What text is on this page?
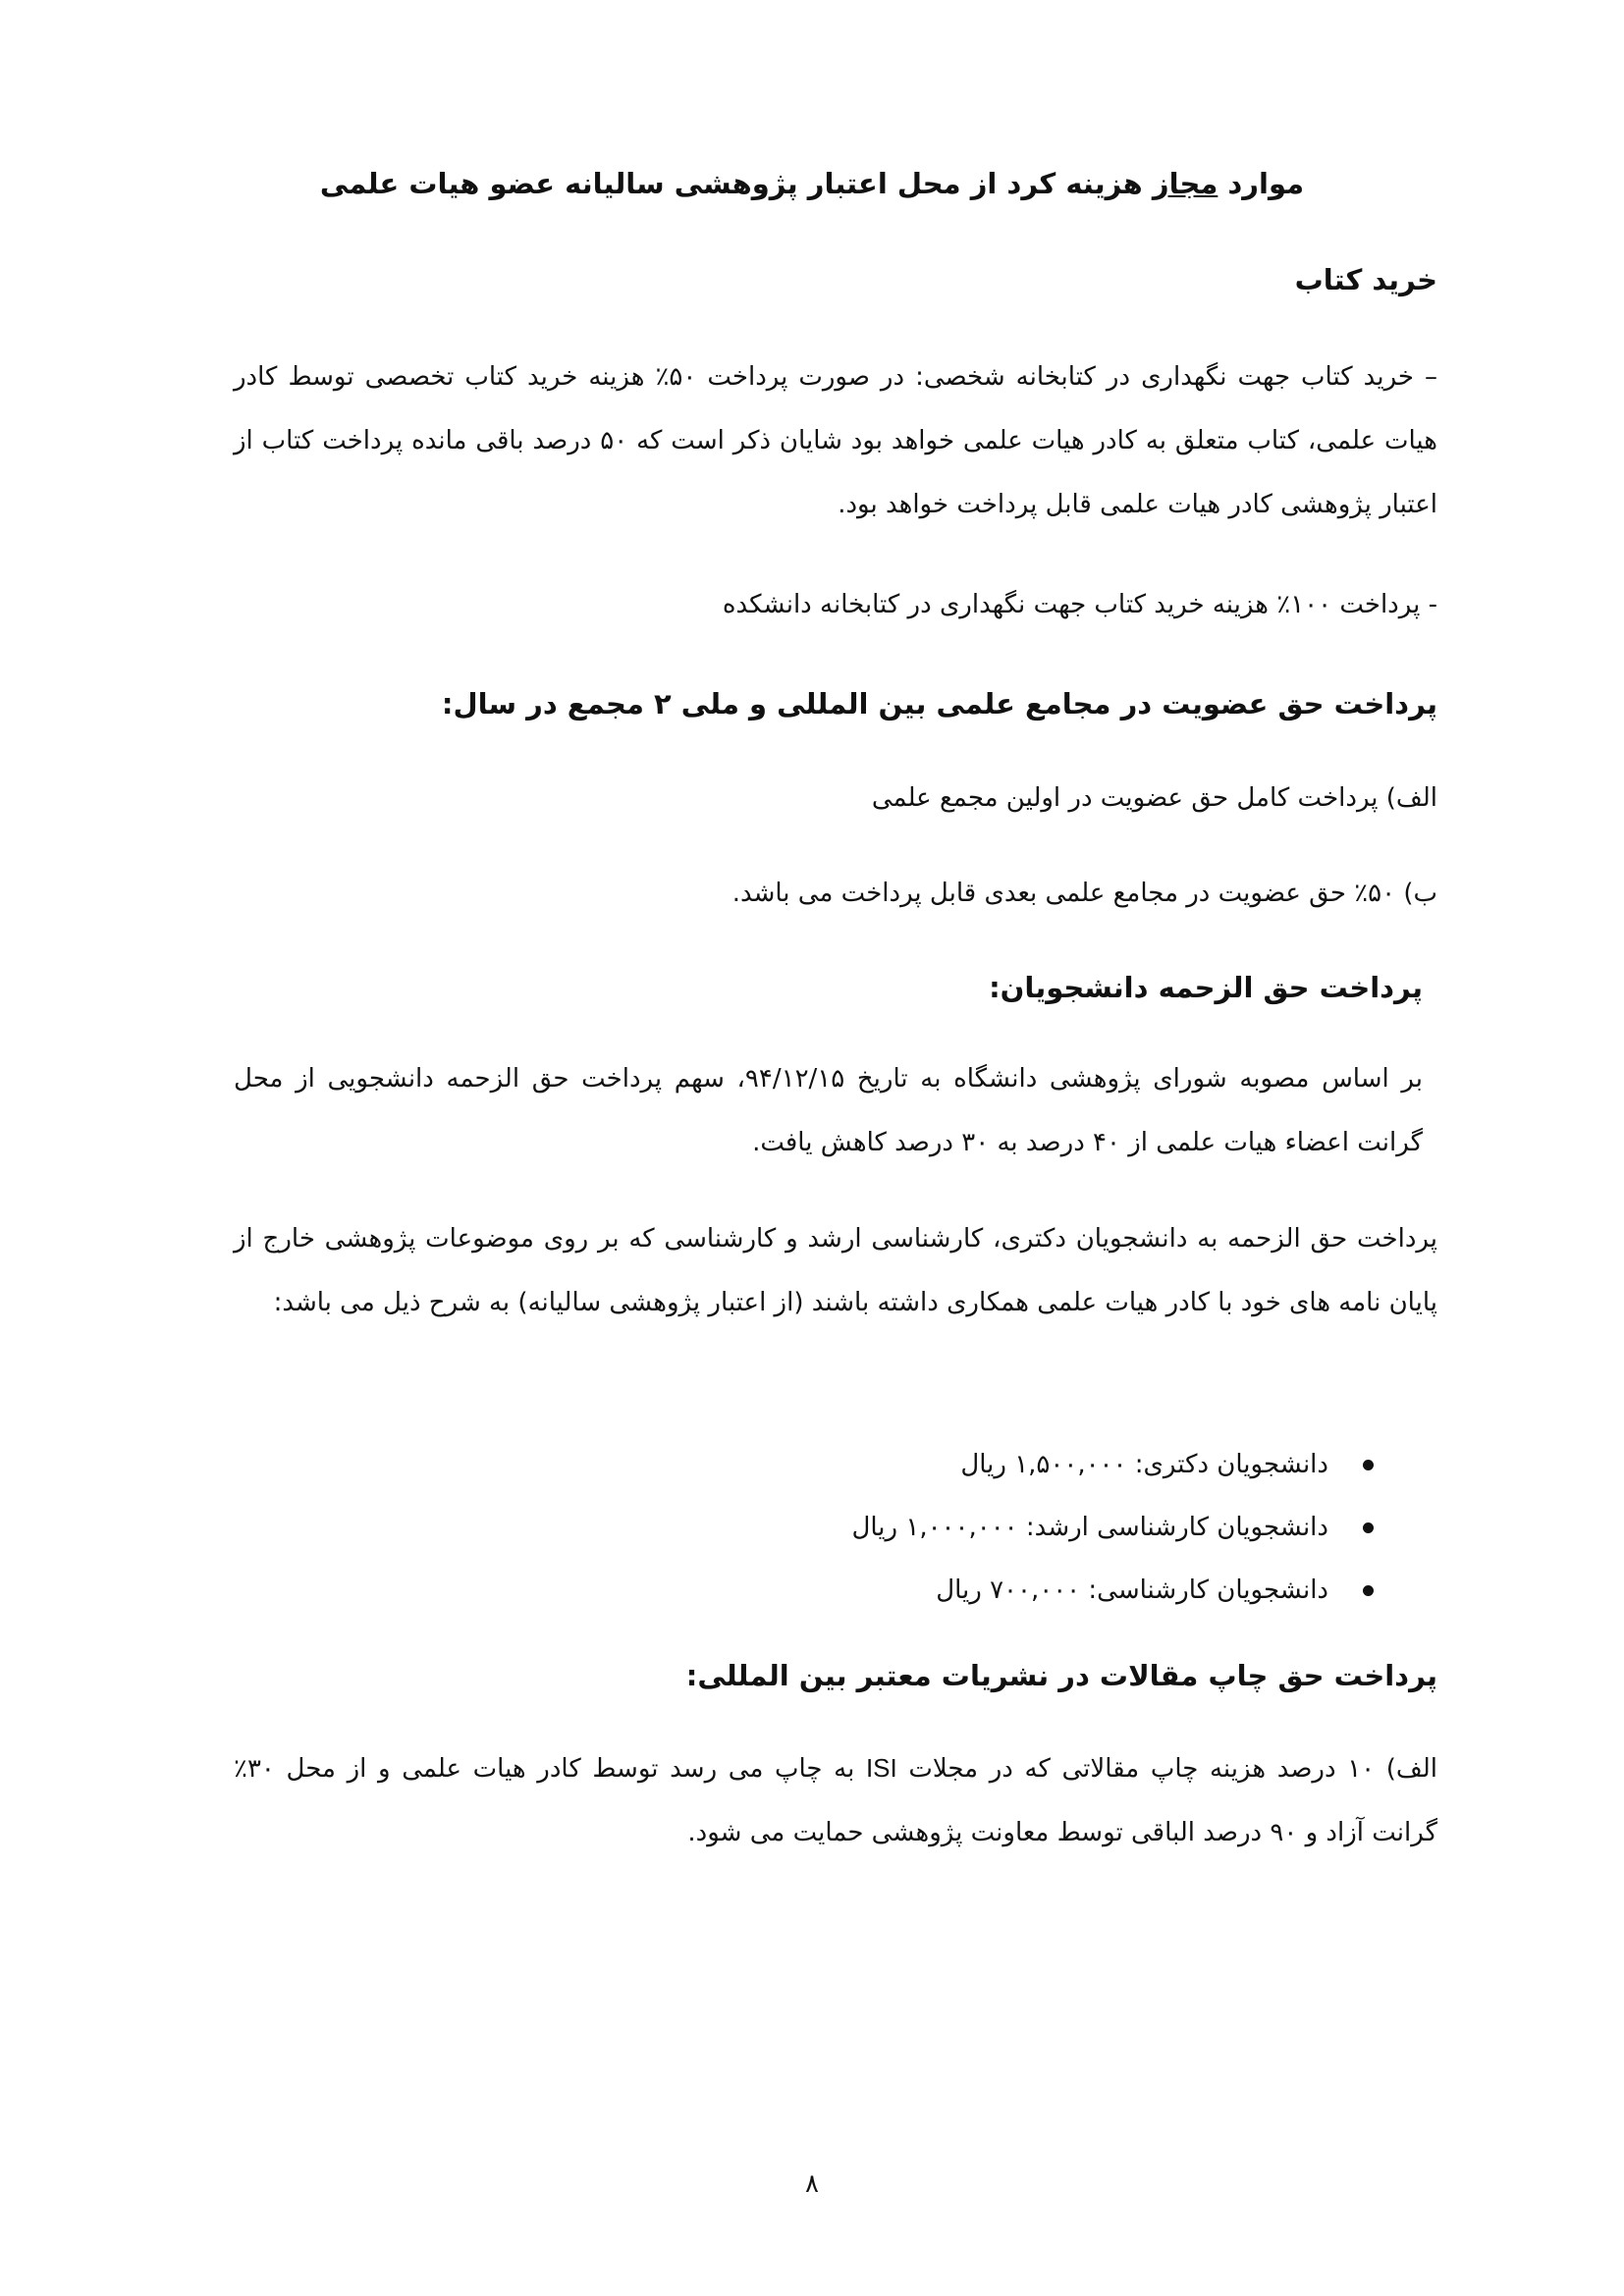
موارد مجاز هزینه کرد از محل اعتبار پژوهشی سالیانه عضو هیات علمی
خرید کتاب

– خرید کتاب جهت نگهداری در کتابخانه شخصی: در صورت پرداخت ۵۰٪ هزینه خرید کتاب تخصصی توسط کادر هیات علمی، کتاب متعلق به کادر هیات علمی خواهد بود شایان ذکر است که ۵۰ درصد باقی مانده پرداخت کتاب از اعتبار پژوهشی کادر هیات علمی قابل پرداخت خواهد بود.

- پرداخت ۱۰۰٪ هزینه خرید کتاب جهت نگهداری در کتابخانه دانشکده

پرداخت حق عضویت در مجامع علمی بین المللی و ملی ۲ مجمع در سال:

الف) پرداخت کامل حق عضویت در اولین مجمع علمی

ب) ۵۰٪ حق عضویت در مجامع علمی بعدی قابل پرداخت می باشد.

پرداخت حق الزحمه دانشجویان:

بر اساس مصوبه شورای پژوهشی دانشگاه به تاریخ ۹۴/۱۲/۱۵، سهم پرداخت حق الزحمه دانشجویی از محل گرانت اعضاء هیات علمی از ۴۰ درصد به ۳۰ درصد کاهش یافت.

پرداخت حق الزحمه به دانشجویان دکتری، کارشناسی ارشد و کارشناسی که بر روی موضوعات پژوهشی خارج از پایان نامه های خود با کادر هیات علمی همکاری داشته باشند (از اعتبار پژوهشی سالیانه) به شرح ذیل می باشد:

دانشجویان دکتری: ۱,۵۰۰,۰۰۰ ریال
دانشجویان کارشناسی ارشد: ۱,۰۰۰,۰۰۰ ریال
دانشجویان کارشناسی: ۷۰۰,۰۰۰ ریال
پرداخت حق چاپ مقالات در نشریات معتبر بین المللی:

الف) ۱۰ درصد هزینه چاپ مقالاتی که در مجلات ISI به چاپ می رسد توسط کادر هیات علمی و از محل ۳۰٪ گرانت آزاد و ۹۰ درصد الباقی توسط معاونت پژوهشی حمایت می شود.

۸
